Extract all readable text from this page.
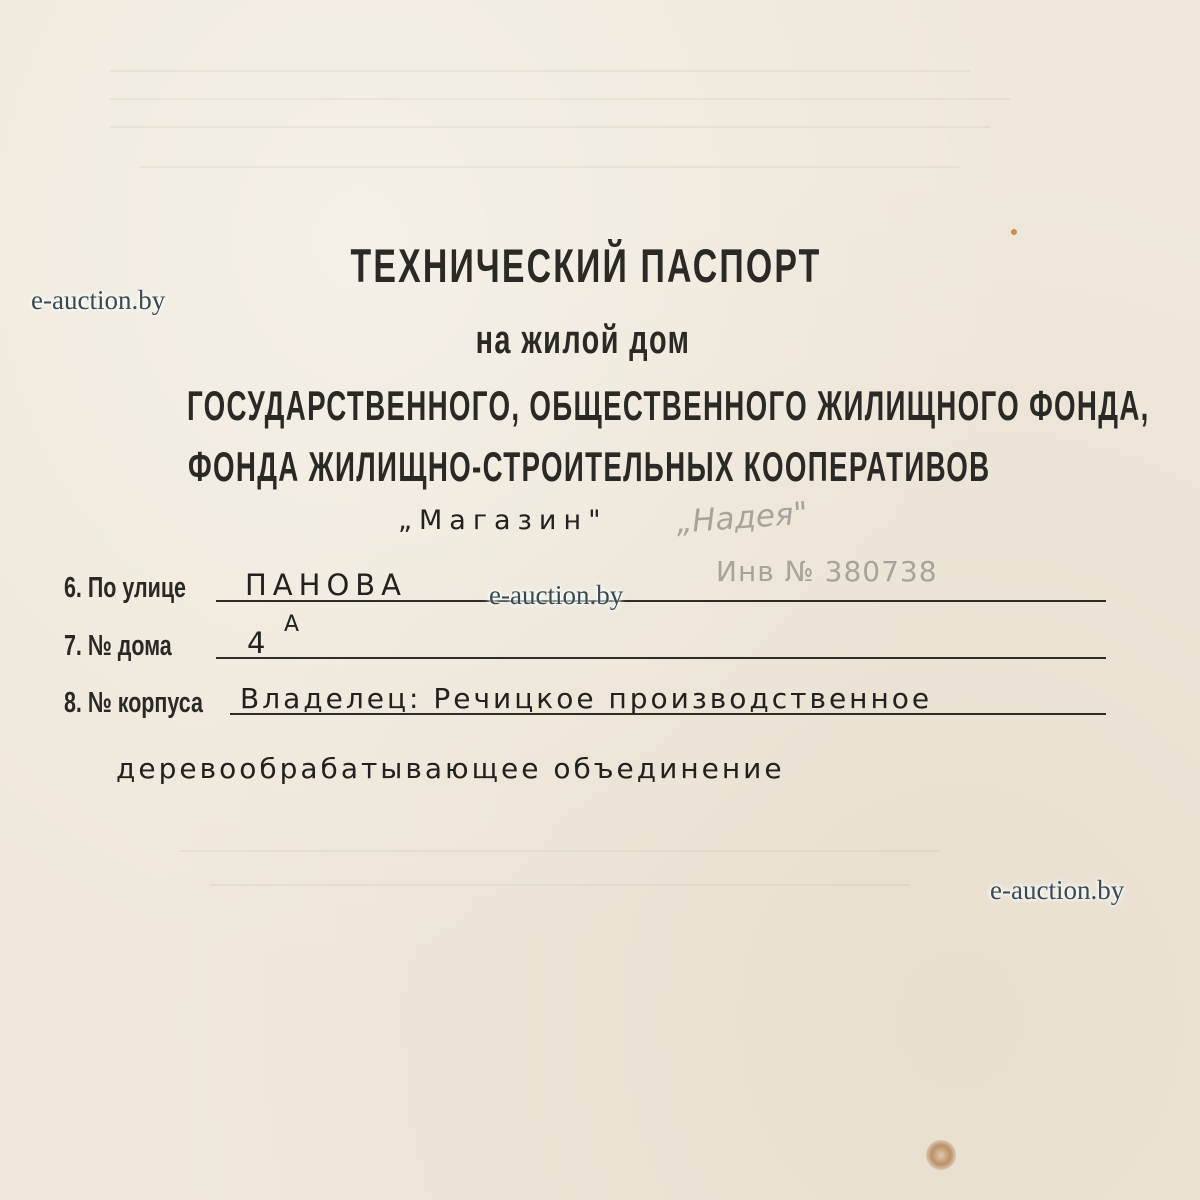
ТЕХНИЧЕСКИЙ ПАСПОРТ
на жилой дом
ГОСУДАРСТВЕННОГО, ОБЩЕСТВЕННОГО ЖИЛИЩНОГО ФОНДА,
ФОНДА ЖИЛИЩНО-СТРОИТЕЛЬНЫХ КООПЕРАТИВОВ
„Магазин" „Надея"
Инв № 380738
6. По улице ПАНОВА
7. № дома	4
А
8. № корпуса Владелец: Речицкое производственное
деревообрабатывающее объединение
e-auction.by
e-auction.by
e-auction.by
